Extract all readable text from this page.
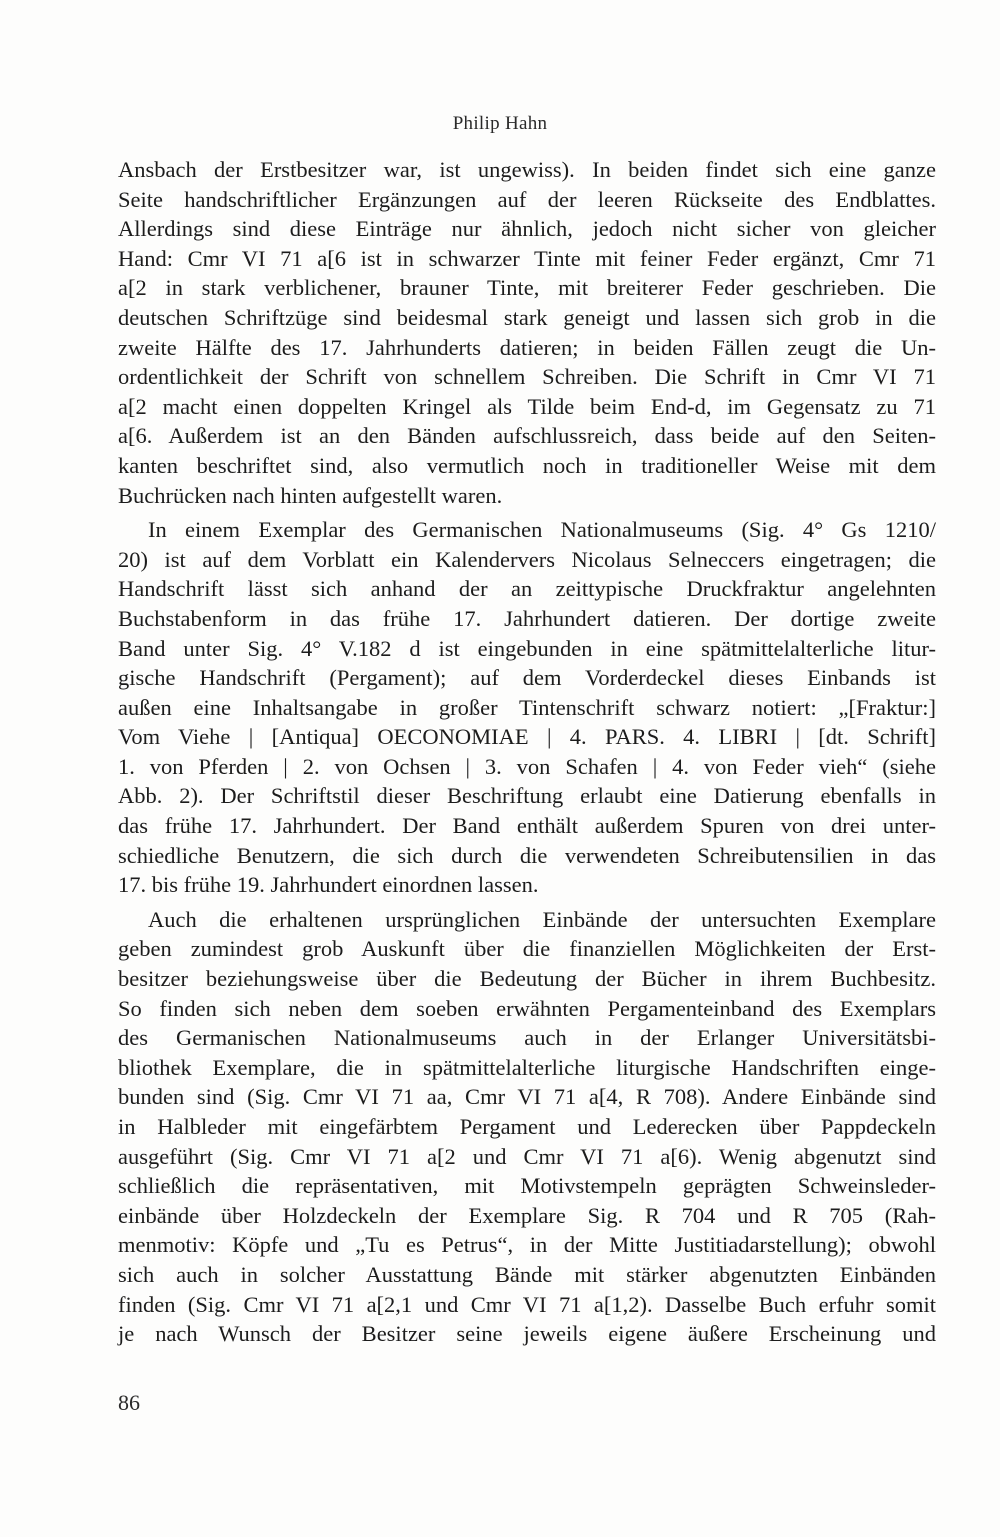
Philip Hahn
Ansbach der Erstbesitzer war, ist ungewiss). In beiden findet sich eine ganze
Seite handschriftlicher Ergänzungen auf der leeren Rückseite des Endblattes.
Allerdings sind diese Einträge nur ähnlich, jedoch nicht sicher von gleicher
Hand: Cmr VI 71 a[6 ist in schwarzer Tinte mit feiner Feder ergänzt, Cmr 71
a[2 in stark verblichener, brauner Tinte, mit breiterer Feder geschrieben. Die
deutschen Schriftzüge sind beidesmal stark geneigt und lassen sich grob in die
zweite Hälfte des 17. Jahrhunderts datieren; in beiden Fällen zeugt die Un-
ordentlichkeit der Schrift von schnellem Schreiben. Die Schrift in Cmr VI 71
a[2 macht einen doppelten Kringel als Tilde beim End-d, im Gegensatz zu 71
a[6. Außerdem ist an den Bänden aufschlussreich, dass beide auf den Seiten-
kanten beschriftet sind, also vermutlich noch in traditioneller Weise mit dem
Buchrücken nach hinten aufgestellt waren.
In einem Exemplar des Germanischen Nationalmuseums (Sig. 4° Gs 1210/
20) ist auf dem Vorblatt ein Kalendervers Nicolaus Selneccers eingetragen; die
Handschrift lässt sich anhand der an zeittypische Druckfraktur angelehnten
Buchstabenform in das frühe 17. Jahrhundert datieren. Der dortige zweite
Band unter Sig. 4° V.182 d ist eingebunden in eine spätmittelalterliche litur-
gische Handschrift (Pergament); auf dem Vorderdeckel dieses Einbands ist
außen eine Inhaltsangabe in großer Tintenschrift schwarz notiert: „[Fraktur:]
Vom Viehe | [Antiqua] OECONOMIAE | 4. PARS. 4. LIBRI | [dt. Schrift]
1. von Pferden | 2. von Ochsen | 3. von Schafen | 4. von Feder vieh“ (siehe
Abb. 2). Der Schriftstil dieser Beschriftung erlaubt eine Datierung ebenfalls in
das frühe 17. Jahrhundert. Der Band enthält außerdem Spuren von drei unter-
schiedliche Benutzern, die sich durch die verwendeten Schreibutensilien in das
17. bis frühe 19. Jahrhundert einordnen lassen.
Auch die erhaltenen ursprünglichen Einbände der untersuchten Exemplare
geben zumindest grob Auskunft über die finanziellen Möglichkeiten der Erst-
besitzer beziehungsweise über die Bedeutung der Bücher in ihrem Buchbesitz.
So finden sich neben dem soeben erwähnten Pergamenteinband des Exemplars
des Germanischen Nationalmuseums auch in der Erlanger Universitätsbi-
bliothek Exemplare, die in spätmittelalterliche liturgische Handschriften einge-
bunden sind (Sig. Cmr VI 71 aa, Cmr VI 71 a[4, R 708). Andere Einbände sind
in Halbleder mit eingefärbtem Pergament und Lederecken über Pappdeckeln
ausgeführt (Sig. Cmr VI 71 a[2 und Cmr VI 71 a[6). Wenig abgenutzt sind
schließlich die repräsentativen, mit Motivstempeln geprägten Schweinsleder-
einbände über Holzdeckeln der Exemplare Sig. R 704 und R 705 (Rah-
menmotiv: Köpfe und „Tu es Petrus“, in der Mitte Justitiadarstellung); obwohl
sich auch in solcher Ausstattung Bände mit stärker abgenutzten Einbänden
finden (Sig. Cmr VI 71 a[2,1 und Cmr VI 71 a[1,2). Dasselbe Buch erfuhr somit
je nach Wunsch der Besitzer seine jeweils eigene äußere Erscheinung und
86
